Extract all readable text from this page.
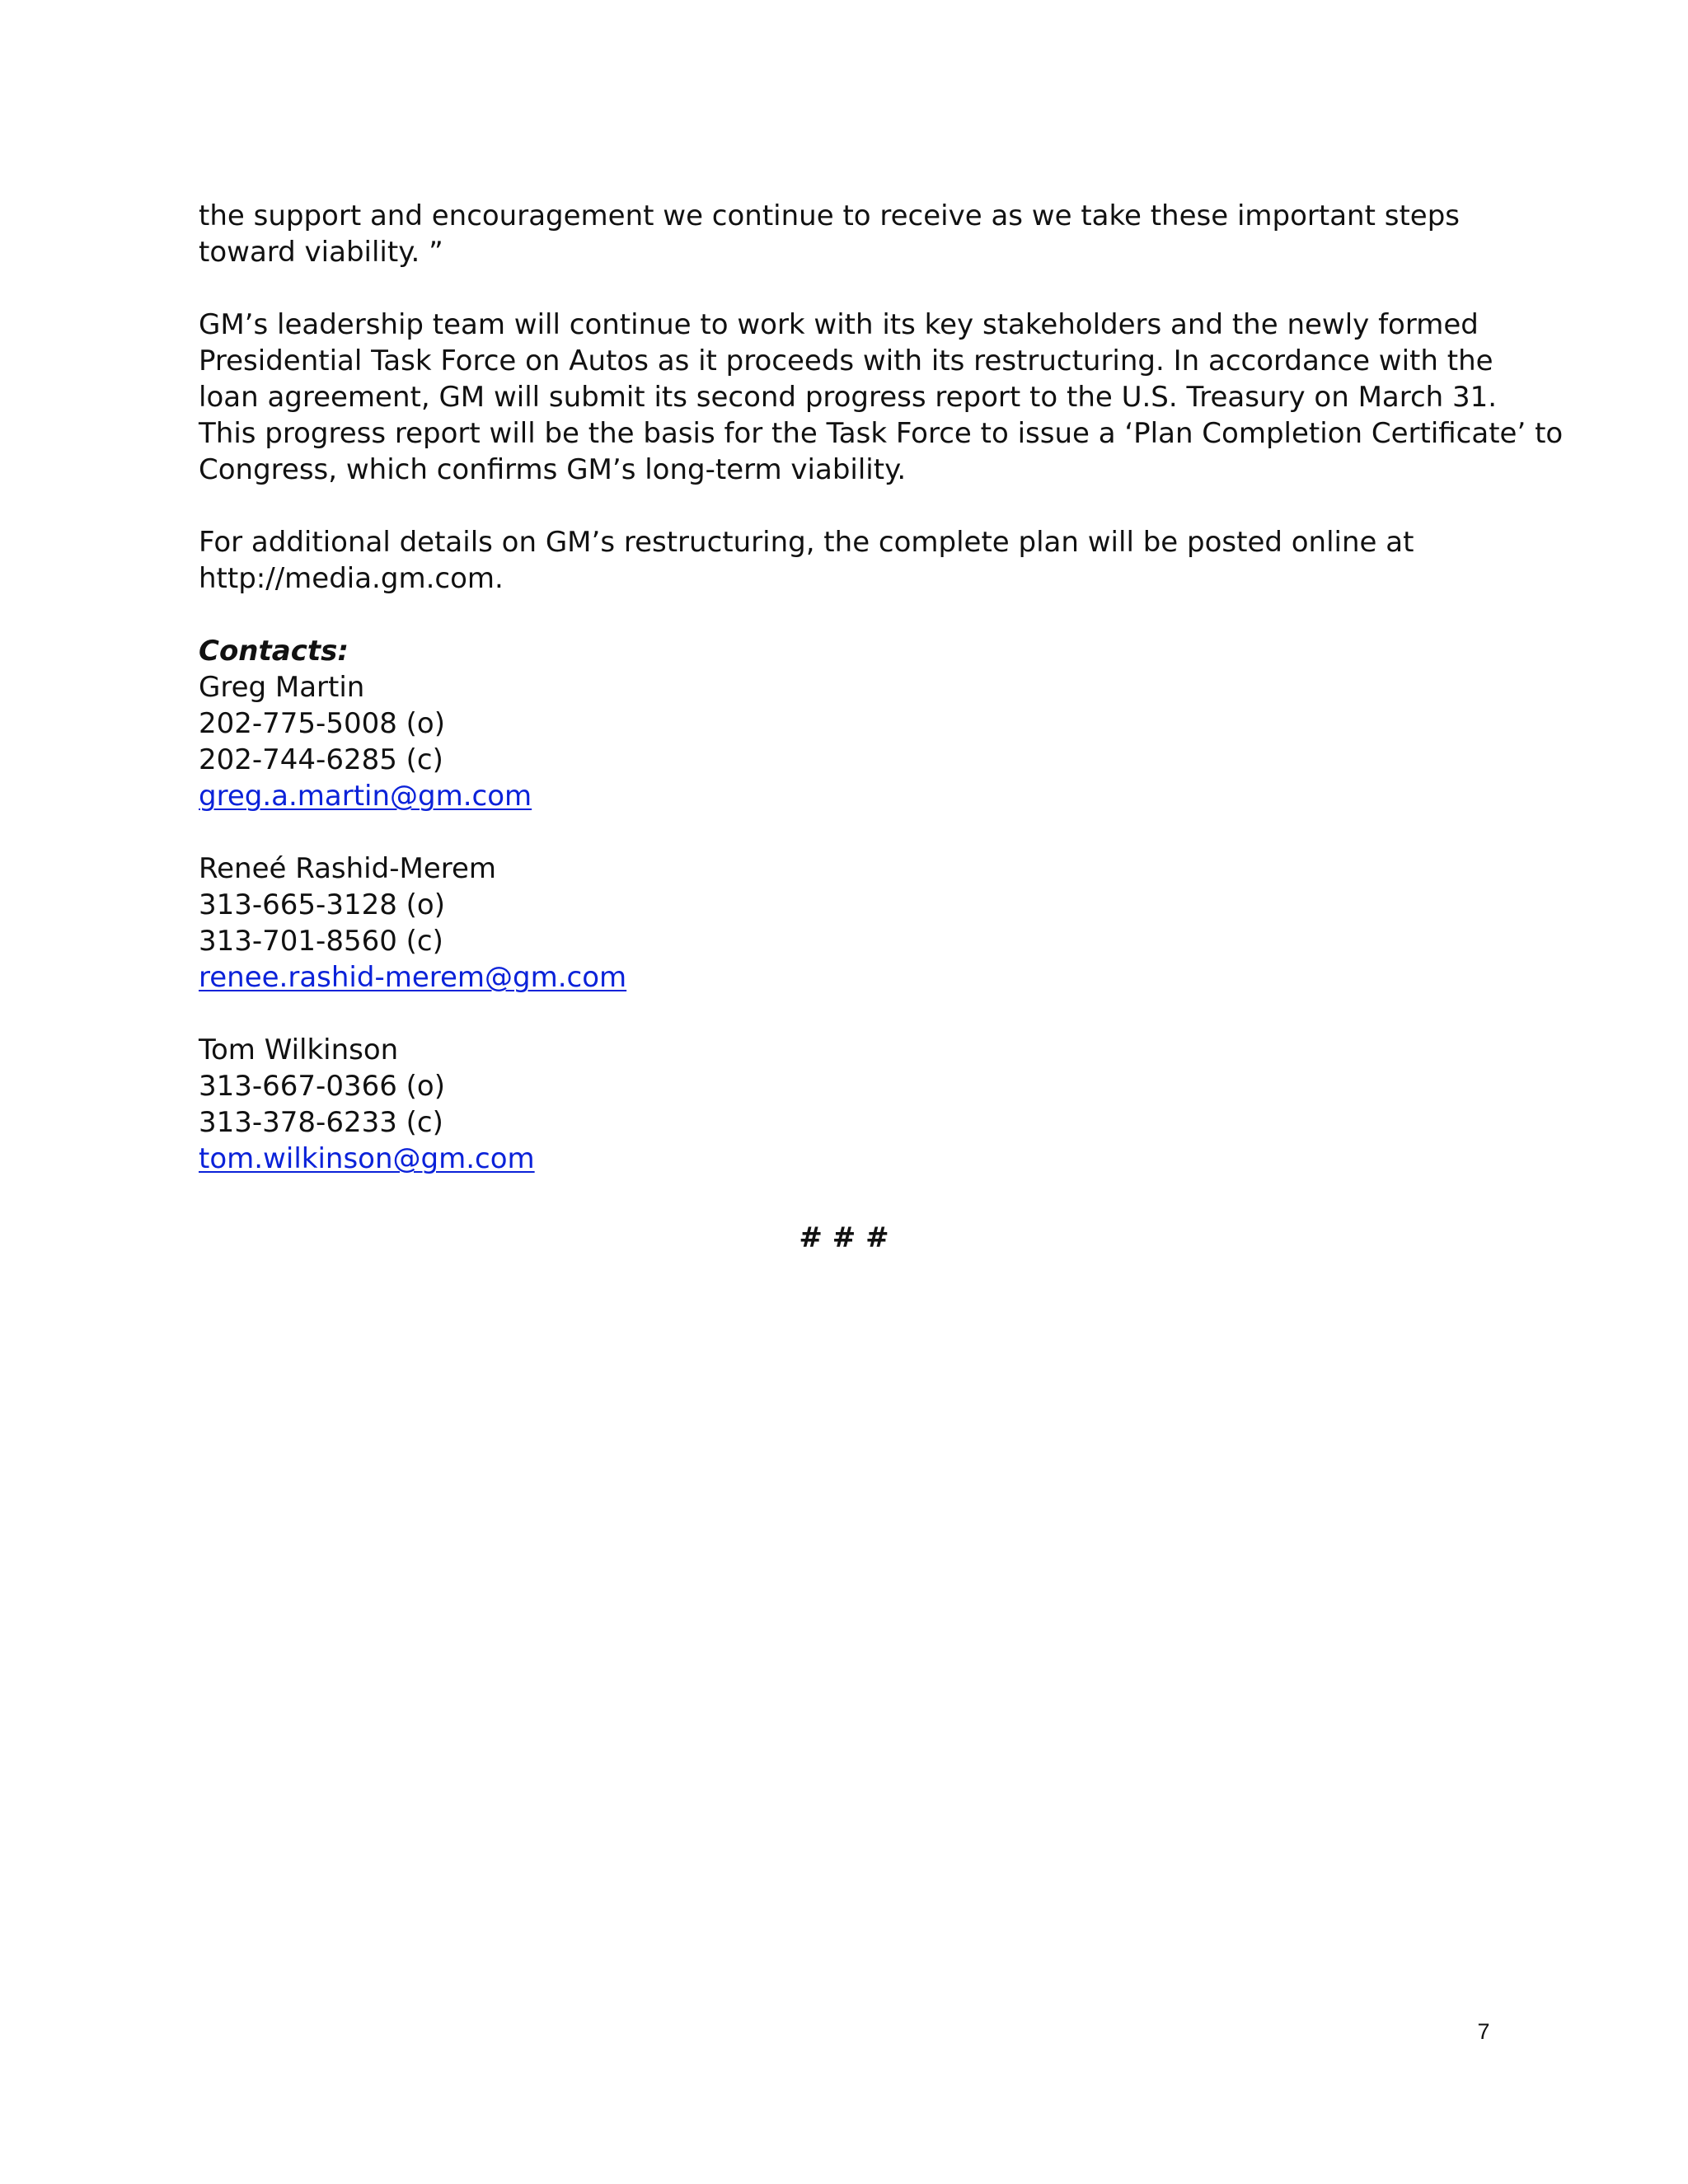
the support and encouragement we continue to receive as we take these important steps
toward viability. ”
GM’s leadership team will continue to work with its key stakeholders and the newly formed
Presidential Task Force on Autos as it proceeds with its restructuring. In accordance with the
loan agreement, GM will submit its second progress report to the U.S. Treasury on March 31.
This progress report will be the basis for the Task Force to issue a ‘Plan Completion Certificate’ to
Congress, which confirms GM’s long-term viability.
For additional details on GM’s restructuring, the complete plan will be posted online at
http://media.gm.com.
Contacts:
Greg Martin
202-775-5008 (o)
202-744-6285 (c)
greg.a.martin@gm.com
Reneé Rashid-Merem
313-665-3128 (o)
313-701-8560 (c)
renee.rashid-merem@gm.com
Tom Wilkinson
313-667-0366 (o)
313-378-6233 (c)
tom.wilkinson@gm.com
# # #
7
